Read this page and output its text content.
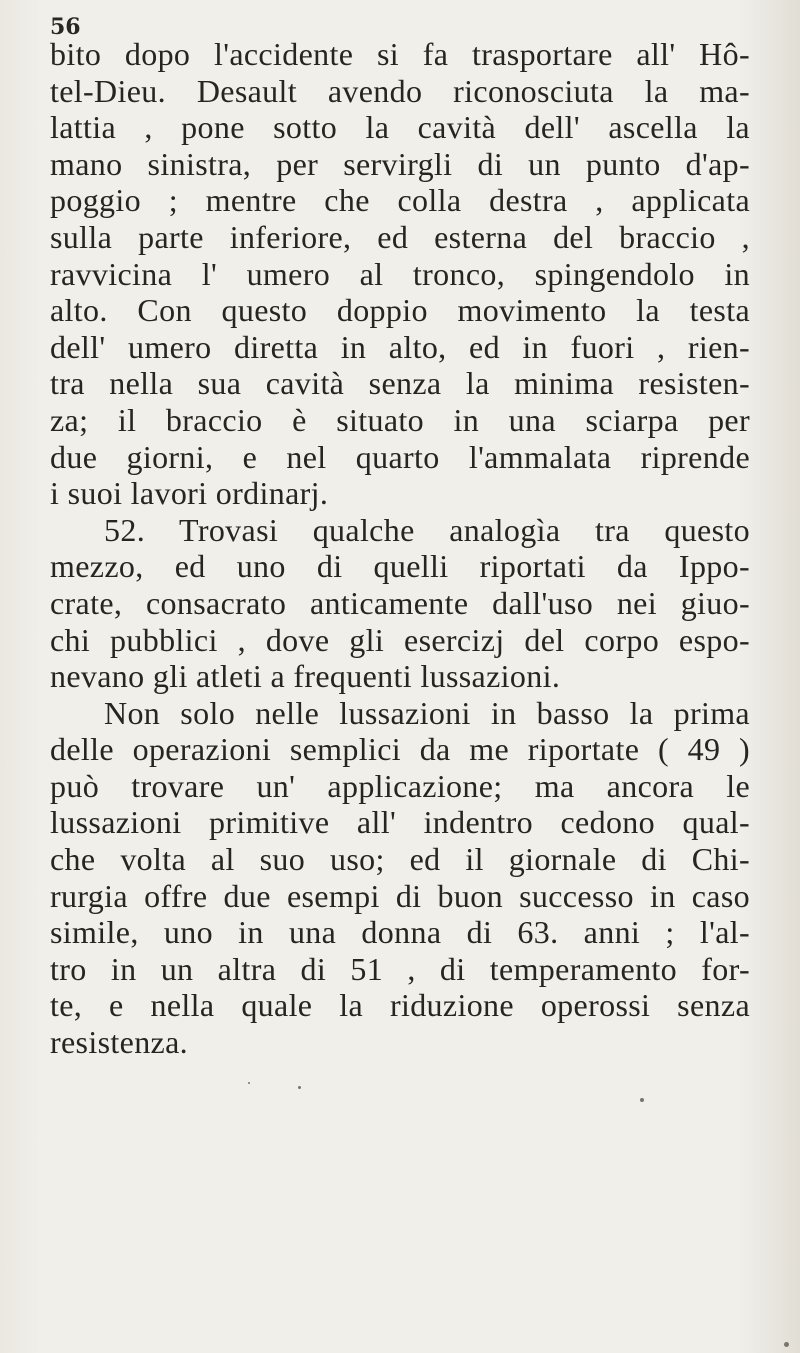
56
bito dopo l'accidente si fa trasportare all' Hô-
tel-Dieu. Desault avendo riconosciuta la ma-
lattia , pone sotto la cavità dell' ascella la
mano sinistra, per servirgli di un punto d'ap-
poggio ; mentre che colla destra , applicata
sulla parte inferiore, ed esterna del braccio ,
ravvicina l' umero al tronco, spingendolo in
alto. Con questo doppio movimento la testa
dell' umero diretta in alto, ed in fuori , rien-
tra nella sua cavità senza la minima resisten-
za; il braccio è situato in una sciarpa per
due giorni, e nel quarto l'ammalata riprende
i suoi lavori ordinarj.
52. Trovasi qualche analogìa tra questo
mezzo, ed uno di quelli riportati da Ippo-
crate, consacrato anticamente dall'uso nei giuo-
chi pubblici , dove gli esercizj del corpo espo-
nevano gli atleti a frequenti lussazioni.
Non solo nelle lussazioni in basso la prima
delle operazioni semplici da me riportate ( 49 )
può trovare un' applicazione; ma ancora le
lussazioni primitive all' indentro cedono qual-
che volta al suo uso; ed il giornale di Chi-
rurgia offre due esempi di buon successo in caso
simile, uno in una donna di 63. anni ; l'al-
tro in un altra di 51 , di temperamento for-
te, e nella quale la riduzione operossi senza
resistenza.
